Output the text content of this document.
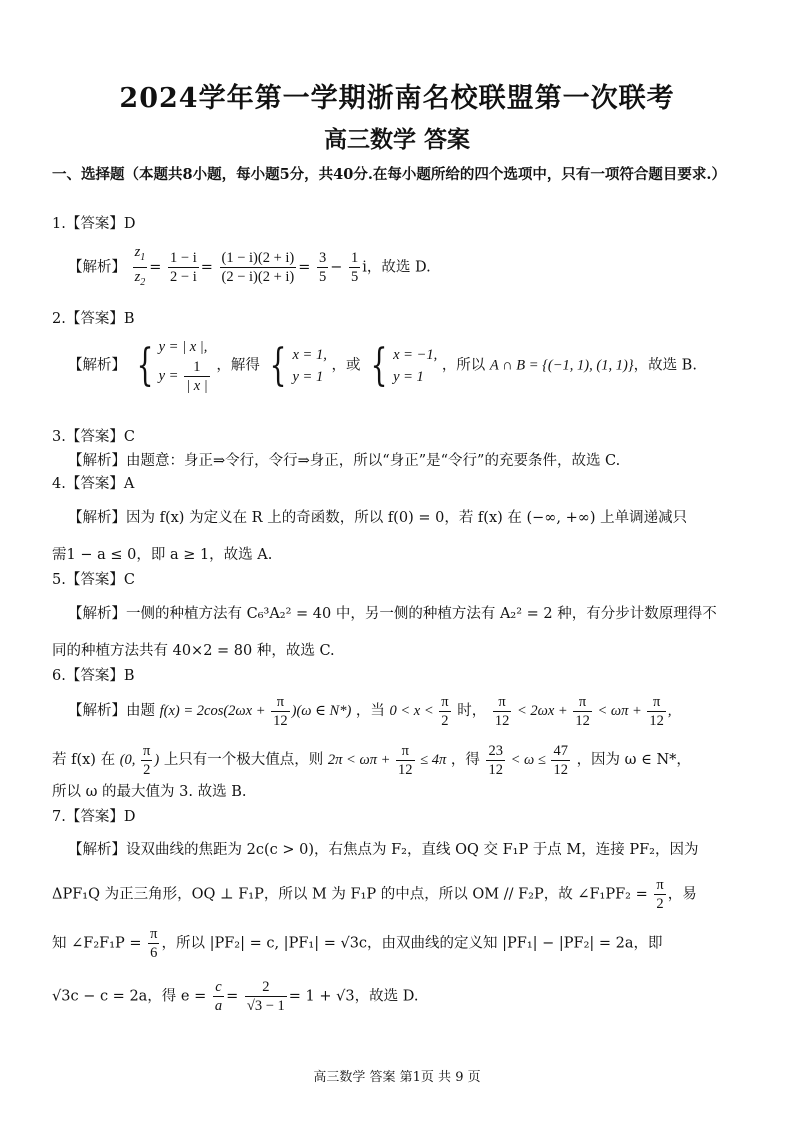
2024学年第一学期浙南名校联盟第一次联考
高三数学 答案
一、选择题（本题共8小题，每小题5分，共40分.在每小题所给的四个选项中，只有一项符合题目要求.）
1.【答案】D
【解析】 $\frac{z_1}{z_2} = \frac{1 - i}{2 - i} = \frac{(1 - i)(2 + i)}{(2 - i)(2 + i)} = \frac{3}{5} - \frac{1}{5}$ i，故选 D.
2.【答案】B
【解析】 { y = | x |,
$y = \frac{1}{| x |}$ ，解得 { x = 1,
y = 1 ，或 { x = −1,
y = 1 ，所以 A ∩ B = {(−1, 1), (1, 1)}，故选 B.
3.【答案】C
【解析】由题意：身正⇒令行，令行⇒身正，所以“身正”是“令行”的充要条件，故选 C.
4.【答案】A
【解析】因为 f(x) 为定义在 R 上的奇函数，所以 f(0) = 0，若 f(x) 在 (−∞, +∞) 上单调递减只
需1 − a ≤ 0，即 a ≥ 1，故选 A.
5.【答案】C
【解析】一侧的种植方法有 C₆³A₂² = 40 中，另一侧的种植方法有 A₂² = 2 种，有分步计数原理得不
同的种植方法共有 40×2 = 80 种，故选 C.
6.【答案】B
【解析】由题 $f(x) = 2\cos(2\omega x + \frac{\pi}{12} )(\omega$ ∈ N*) ，当 $0 < x < \frac{\pi}{2}$ 时， $\frac{\pi}{12} < 2\omega x + \frac{\pi}{12} < \omega\pi + \frac{\pi}{12}$ ,
若 f(x) 在 (0, $\frac{\pi}{2}$ ) 上只有一个极大值点，则 $2\pi < \omega\pi + \frac{\pi}{12} \le 4\pi$ ，得 $\frac{23}{12} < \omega \le \frac{47}{12}$ ，因为 ω ∈ N*，
所以 ω 的最大值为 3. 故选 B.
7.【答案】D
【解析】设双曲线的焦距为 2c(c > 0)，右焦点为 F₂，直线 OQ 交 F₁P 于点 M，连接 PF₂，因为
ΔPF₁Q 为正三角形，OQ ⊥ F₁P，所以 M 为 F₁P 的中点，所以 OM // F₂P，故 ∠F₁PF₂ = $\frac{\pi}{2}$ ，易
知 ∠F₂F₁P = $\frac{\pi}{6}$ ，所以 |PF₂| = c, |PF₁| = √3c，由双曲线的定义知 |PF₁| − |PF₂| = 2a，即
√3c − c = 2a，得 $e = \frac{c}{a} = \frac{2}{√3 - 1} = 1 + √3$，故选 D.
高三数学 答案 第1页 共 9 页
